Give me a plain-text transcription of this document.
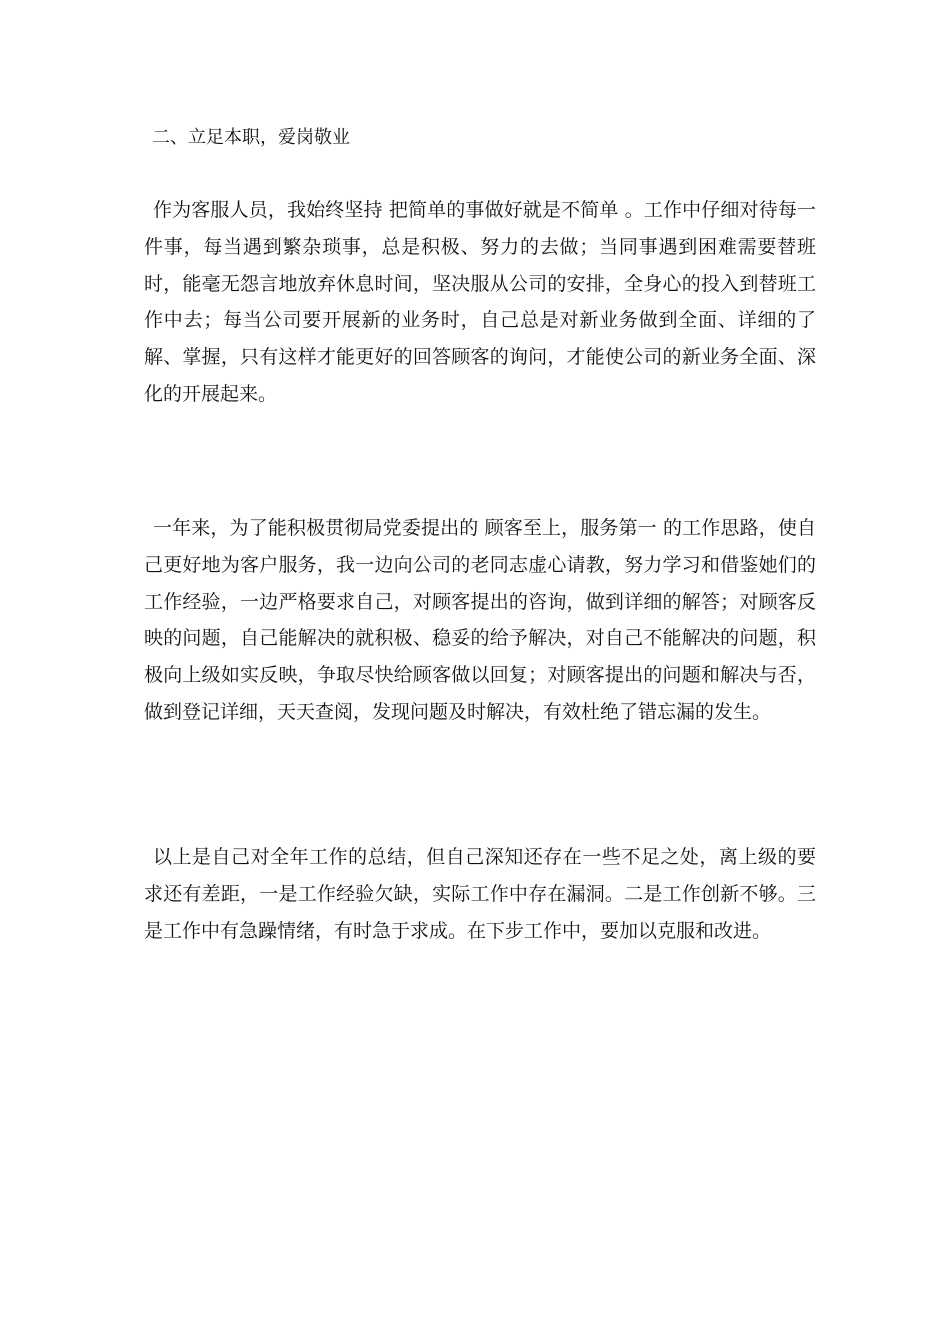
二、立足本职，爱岗敬业

作为客服人员，我始终坚持 把简单的事做好就是不简单 。工作中仔细对待每一件事，每当遇到繁杂琐事，总是积极、努力的去做；当同事遇到困难需要替班时，能毫无怨言地放弃休息时间，坚决服从公司的安排，全身心的投入到替班工作中去；每当公司要开展新的业务时，自己总是对新业务做到全面、详细的了解、掌握，只有这样才能更好的回答顾客的询问，才能使公司的新业务全面、深化的开展起来。

一年来，为了能积极贯彻局党委提出的 顾客至上，服务第一 的工作思路，使自己更好地为客户服务，我一边向公司的老同志虚心请教，努力学习和借鉴她们的工作经验，一边严格要求自己，对顾客提出的咨询，做到详细的解答；对顾客反映的问题，自己能解决的就积极、稳妥的给予解决，对自己不能解决的问题，积极向上级如实反映，争取尽快给顾客做以回复；对顾客提出的问题和解决与否，做到登记详细，天天查阅，发现问题及时解决，有效杜绝了错忘漏的发生。

以上是自己对全年工作的总结，但自己深知还存在一些不足之处，离上级的要求还有差距，一是工作经验欠缺，实际工作中存在漏洞。二是工作创新不够。三是工作中有急躁情绪，有时急于求成。在下步工作中，要加以克服和改进。
